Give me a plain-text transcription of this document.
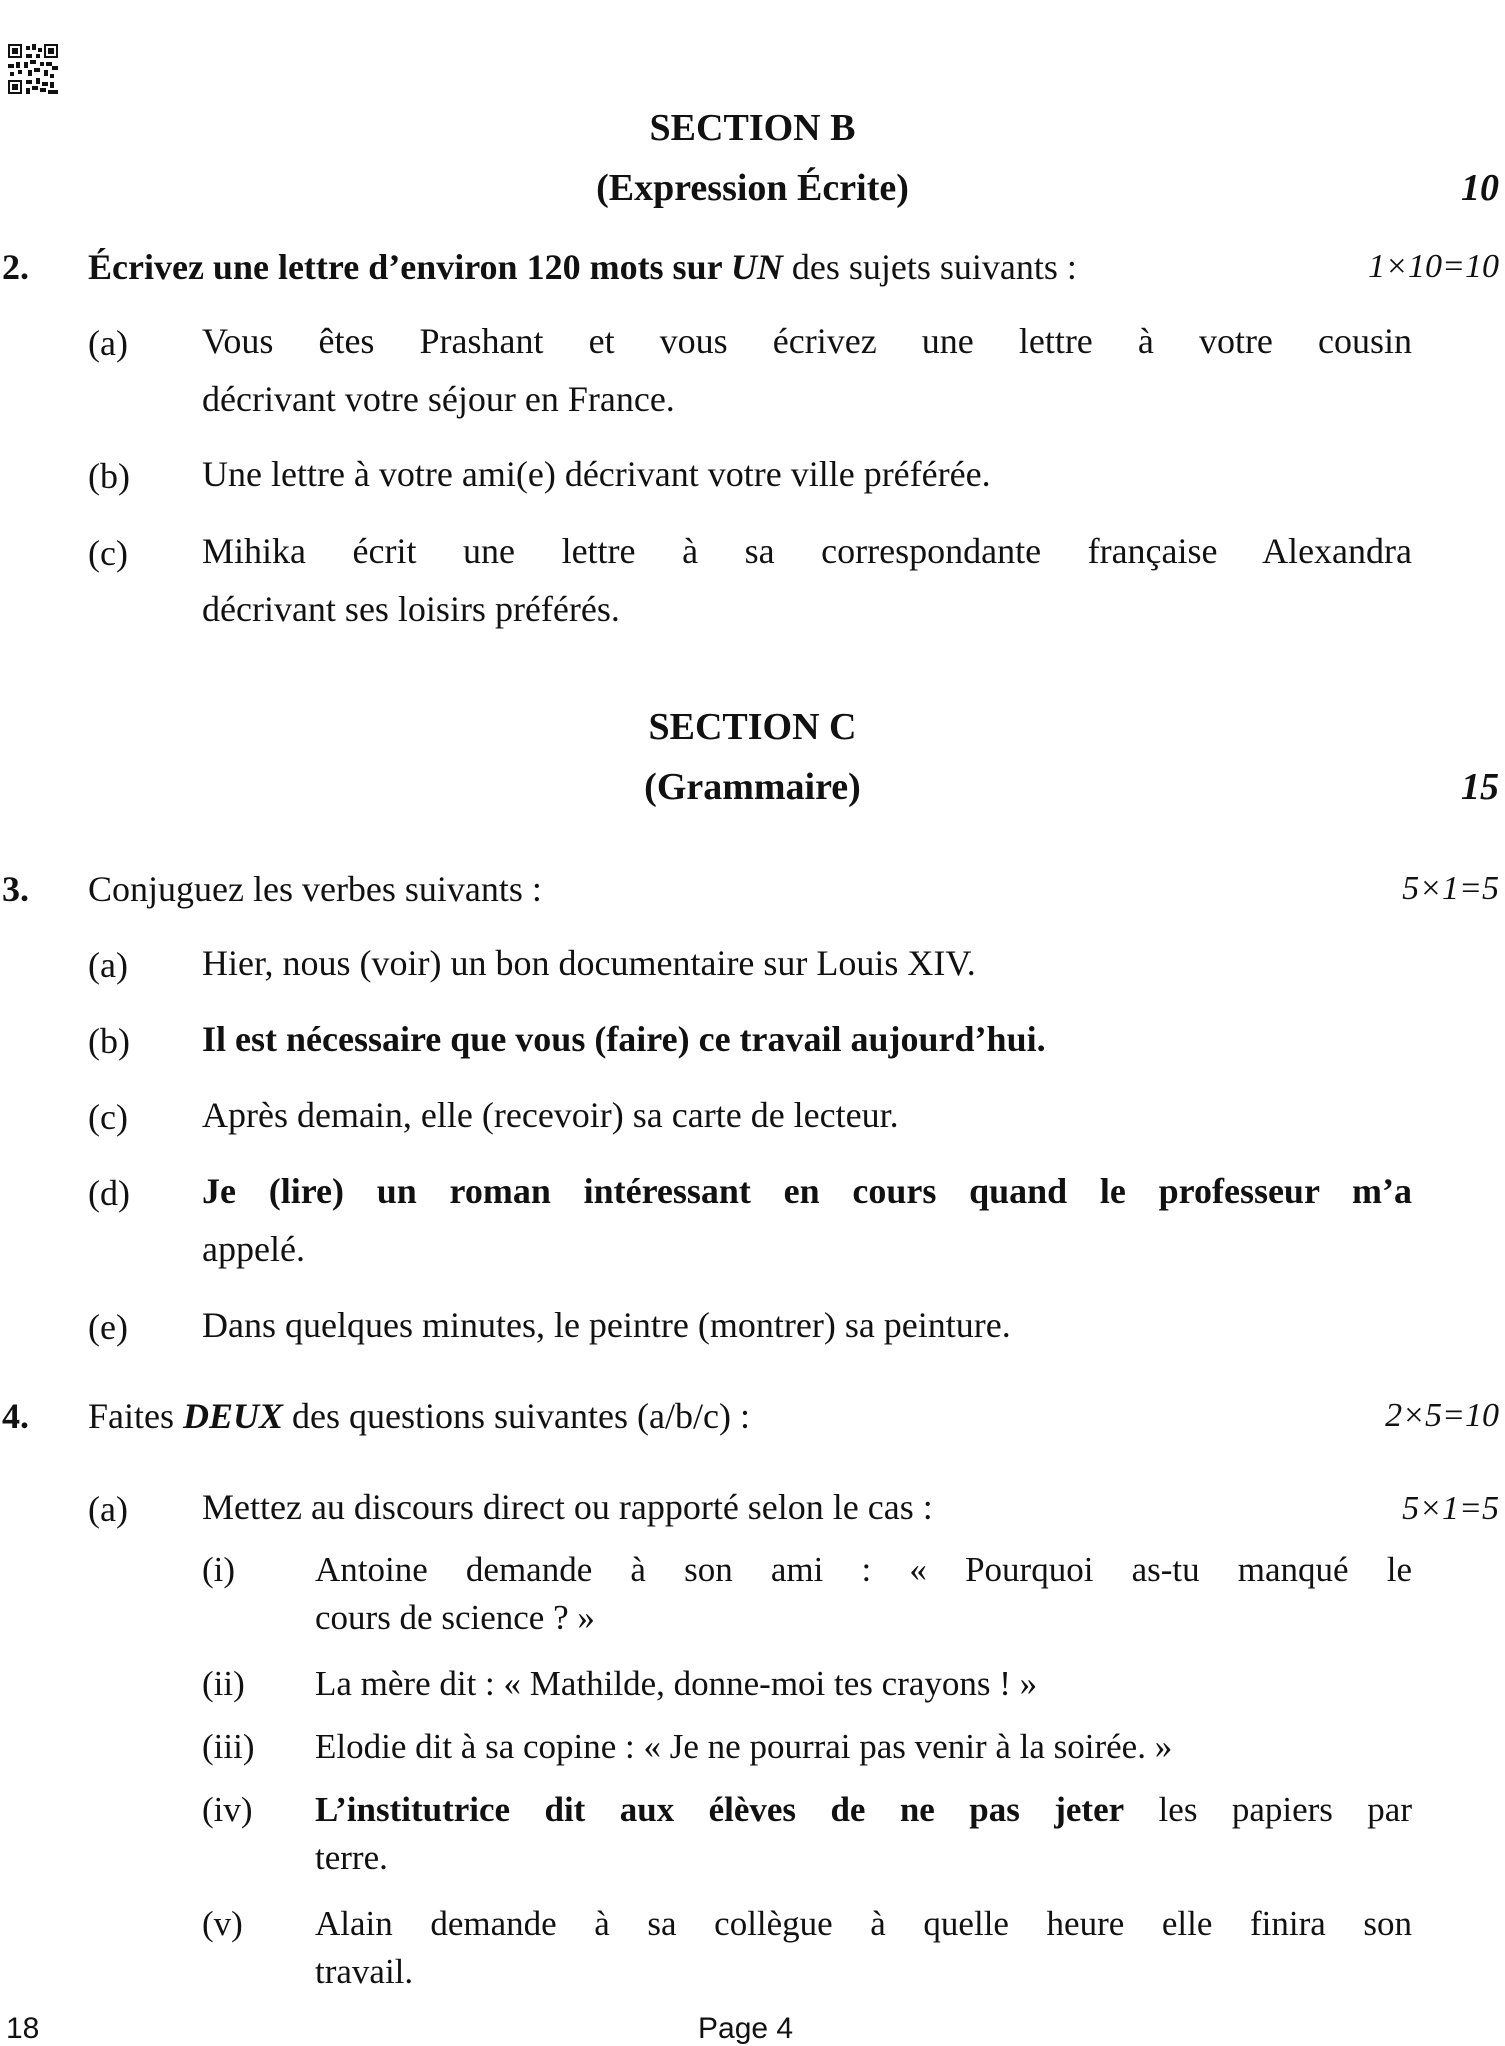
SECTION B
(Expression Écrite)	10
2. Écrivez une lettre d’environ 120 mots sur UN des sujets suivants :	1×10=10
(a) Vous êtes Prashant et vous écrivez une lettre à votre cousin
décrivant votre séjour en France.
(b) Une lettre à votre ami(e) décrivant votre ville préférée.
(c) Mihika écrit une lettre à sa correspondante française Alexandra
décrivant ses loisirs préférés.
SECTION C
(Grammaire)	15
3. Conjuguez les verbes suivants :	5×1=5
(a) Hier, nous (voir) un bon documentaire sur Louis XIV.
(b) Il est nécessaire que vous (faire) ce travail aujourd’hui.
(c) Après demain, elle (recevoir) sa carte de lecteur.
(d) Je (lire) un roman intéressant en cours quand le professeur m’a
appelé.
(e) Dans quelques minutes, le peintre (montrer) sa peinture.
4. Faites DEUX des questions suivantes (a/b/c) :	2×5=10
(a) Mettez au discours direct ou rapporté selon le cas :	5×1=5
(i) Antoine demande à son ami : « Pourquoi as-tu manqué le
cours de science ? »
(ii) La mère dit : « Mathilde, donne-moi tes crayons ! »
(iii) Elodie dit à sa copine : « Je ne pourrai pas venir à la soirée. »
(iv) L’institutrice dit aux élèves de ne pas jeter les papiers par
terre.
(v) Alain demande à sa collègue à quelle heure elle finira son
travail.
18	Page 4
